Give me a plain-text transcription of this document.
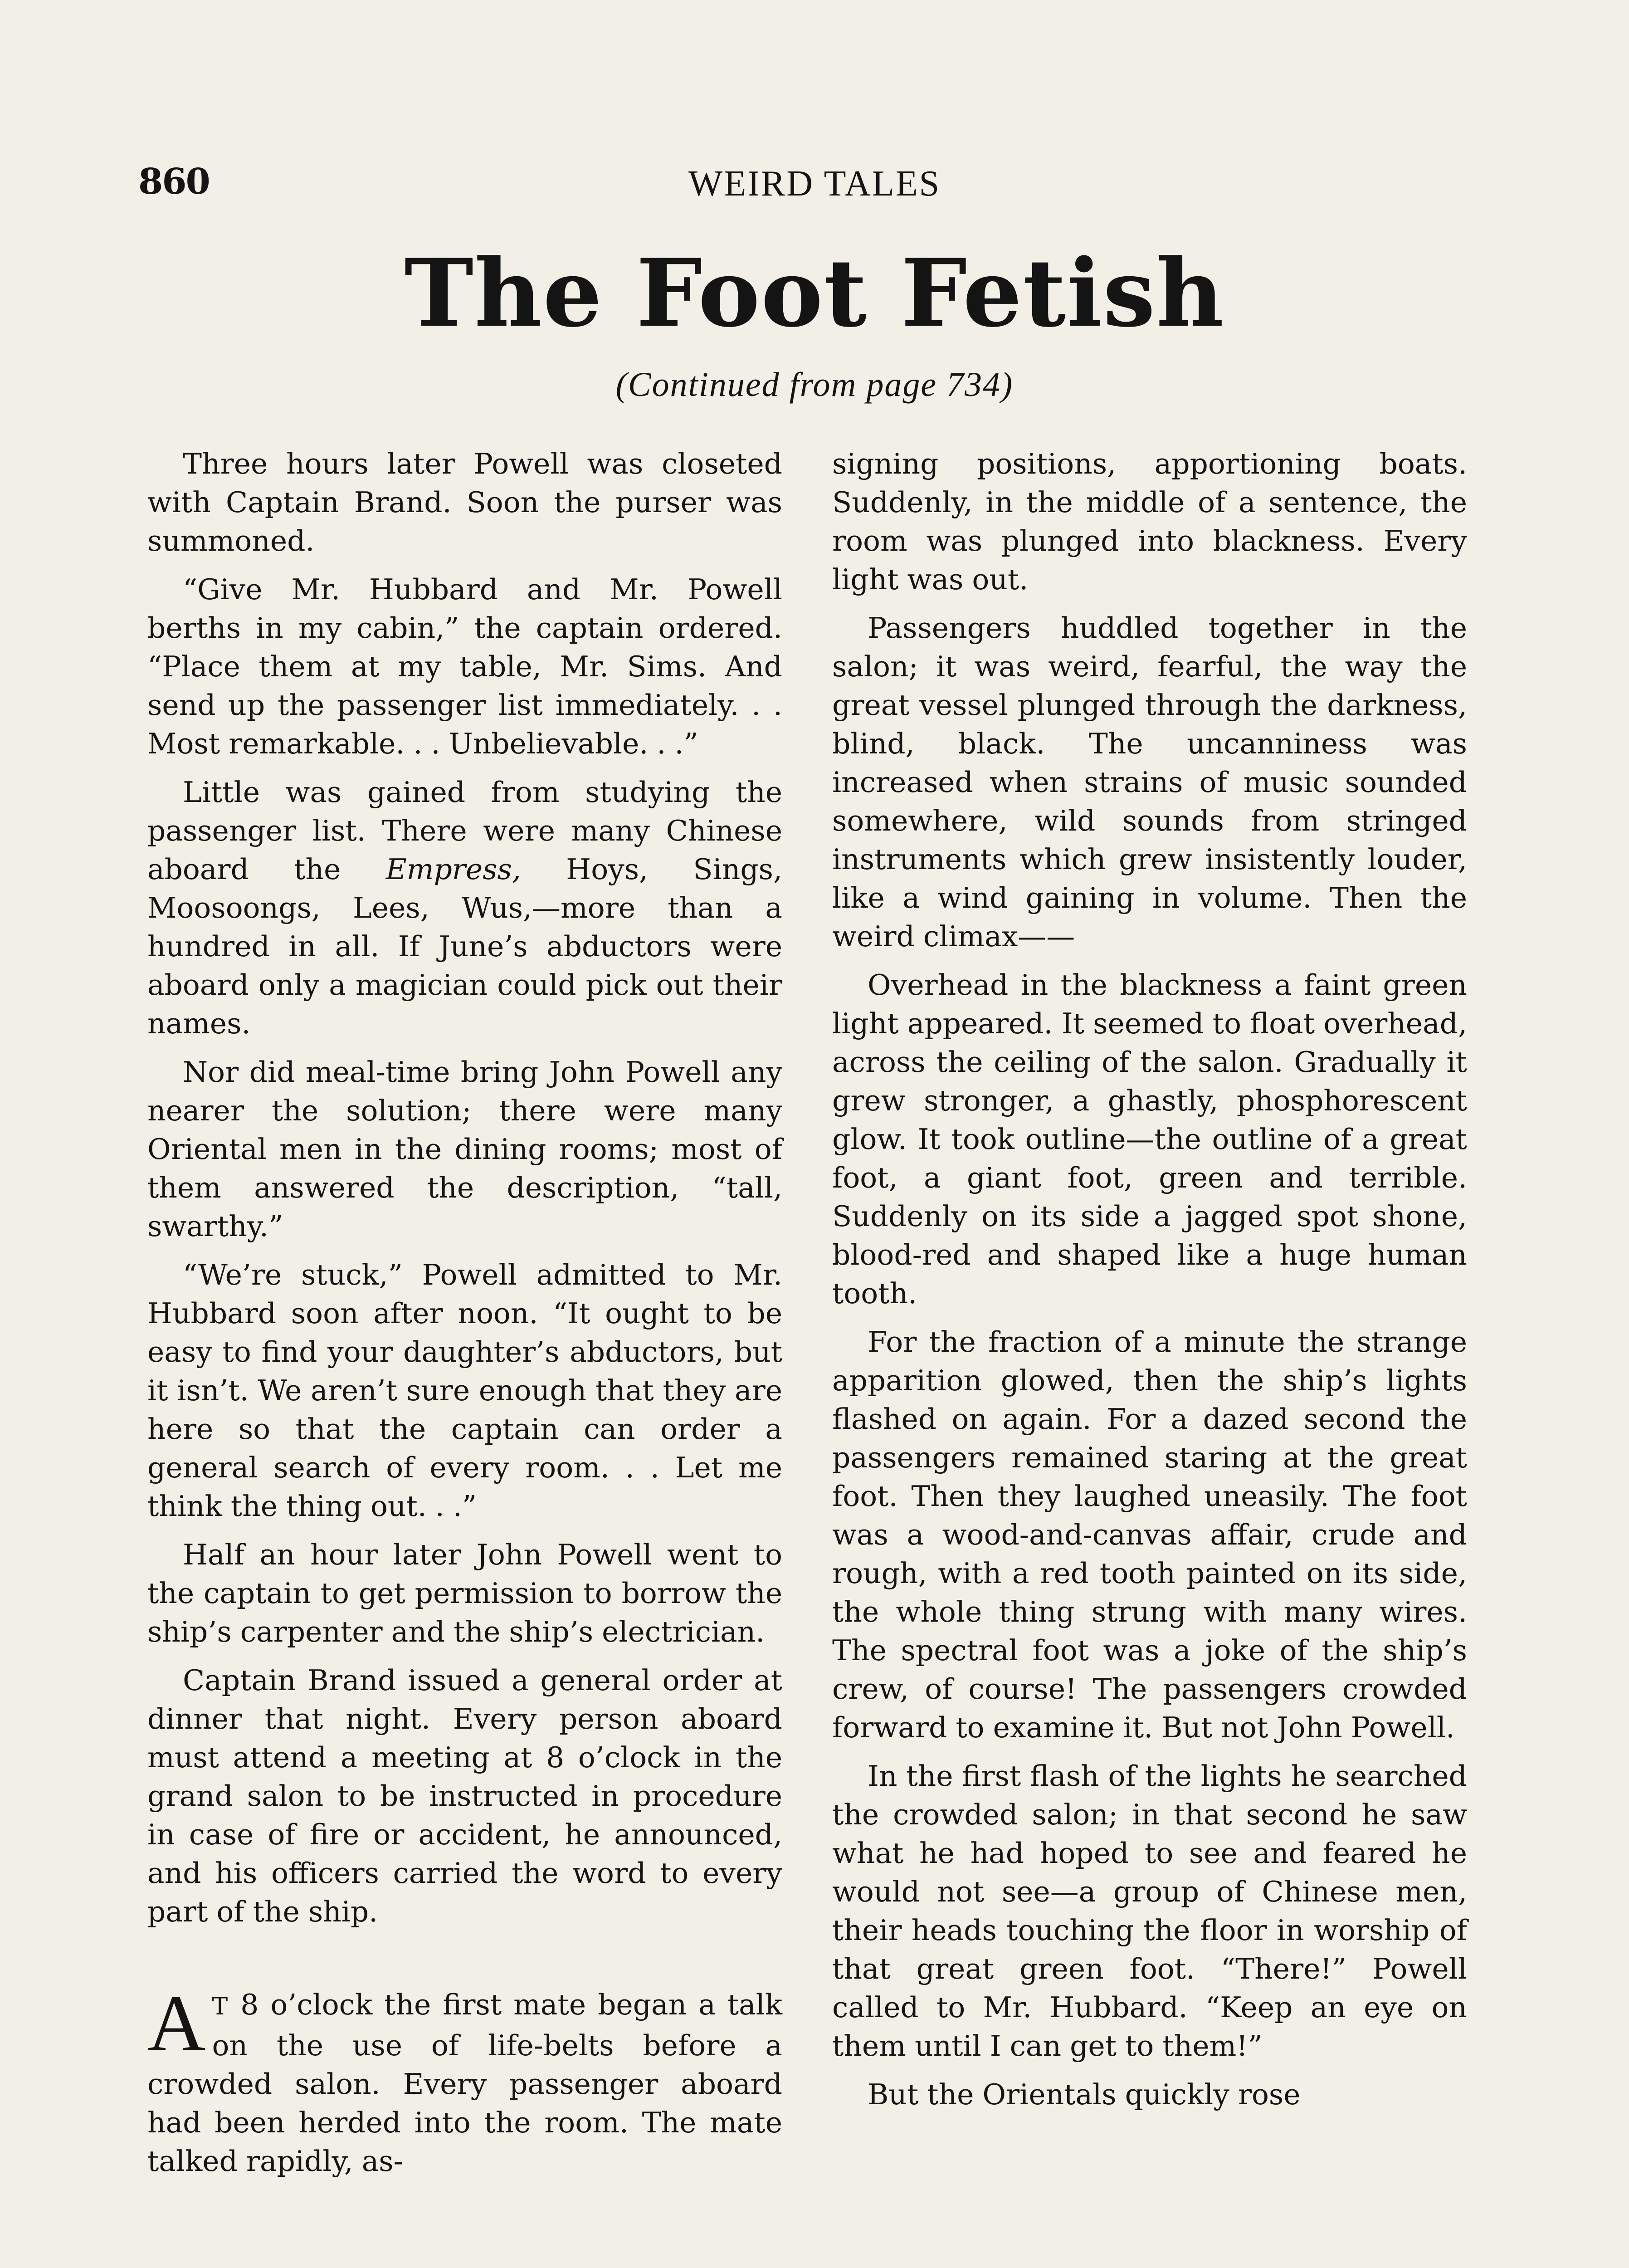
860	WEIRD TALES
The Foot Fetish
(Continued from page 734)

Three hours later Powell was closeted with Captain Brand. Soon the purser was summoned.

“Give Mr. Hubbard and Mr. Powell berths in my cabin,” the captain ordered. “Place them at my table, Mr. Sims. And send up the passenger list immediately. . . Most remarkable. . . Unbelievable. . .”

Little was gained from studying the passenger list. There were many Chinese aboard the Empress, Hoys, Sings, Moosoongs, Lees, Wus,—more than a hundred in all. If June’s abductors were aboard only a magician could pick out their names.

Nor did meal-time bring John Powell any nearer the solution; there were many Oriental men in the dining rooms; most of them answered the description, “tall, swarthy.”

“We’re stuck,” Powell admitted to Mr. Hubbard soon after noon. “It ought to be easy to find your daughter’s abductors, but it isn’t. We aren’t sure enough that they are here so that the captain can order a general search of every room. . . Let me think the thing out. . .”

Half an hour later John Powell went to the captain to get permission to borrow the ship’s carpenter and the ship’s electrician.

Captain Brand issued a general order at dinner that night. Every person aboard must attend a meeting at 8 o’clock in the grand salon to be instructed in procedure in case of fire or accident, he announced, and his officers carried the word to every part of the ship.

A T 8 o’clock the first mate began a talk on the use of life-belts before a crowded salon. Every passenger aboard had been herded into the room. The mate talked rapidly, as-

signing positions, apportioning boats. Suddenly, in the middle of a sentence, the room was plunged into blackness. Every light was out.

Passengers huddled together in the salon; it was weird, fearful, the way the great vessel plunged through the darkness, blind, black. The uncanniness was increased when strains of music sounded somewhere, wild sounds from stringed instruments which grew insistently louder, like a wind gaining in volume. Then the weird climax——

Overhead in the blackness a faint green light appeared. It seemed to float overhead, across the ceiling of the salon. Gradually it grew stronger, a ghastly, phosphorescent glow. It took outline—the outline of a great foot, a giant foot, green and terrible. Suddenly on its side a jagged spot shone, blood-red and shaped like a huge human tooth.

For the fraction of a minute the strange apparition glowed, then the ship’s lights flashed on again. For a dazed second the passengers remained staring at the great foot. Then they laughed uneasily. The foot was a wood-and-canvas affair, crude and rough, with a red tooth painted on its side, the whole thing strung with many wires. The spectral foot was a joke of the ship’s crew, of course! The passengers crowded forward to examine it. But not John Powell.

In the first flash of the lights he searched the crowded salon; in that second he saw what he had hoped to see and feared he would not see—a group of Chinese men, their heads touching the floor in worship of that great green foot. “There!” Powell called to Mr. Hubbard. “Keep an eye on them until I can get to them!”

But the Orientals quickly rose
